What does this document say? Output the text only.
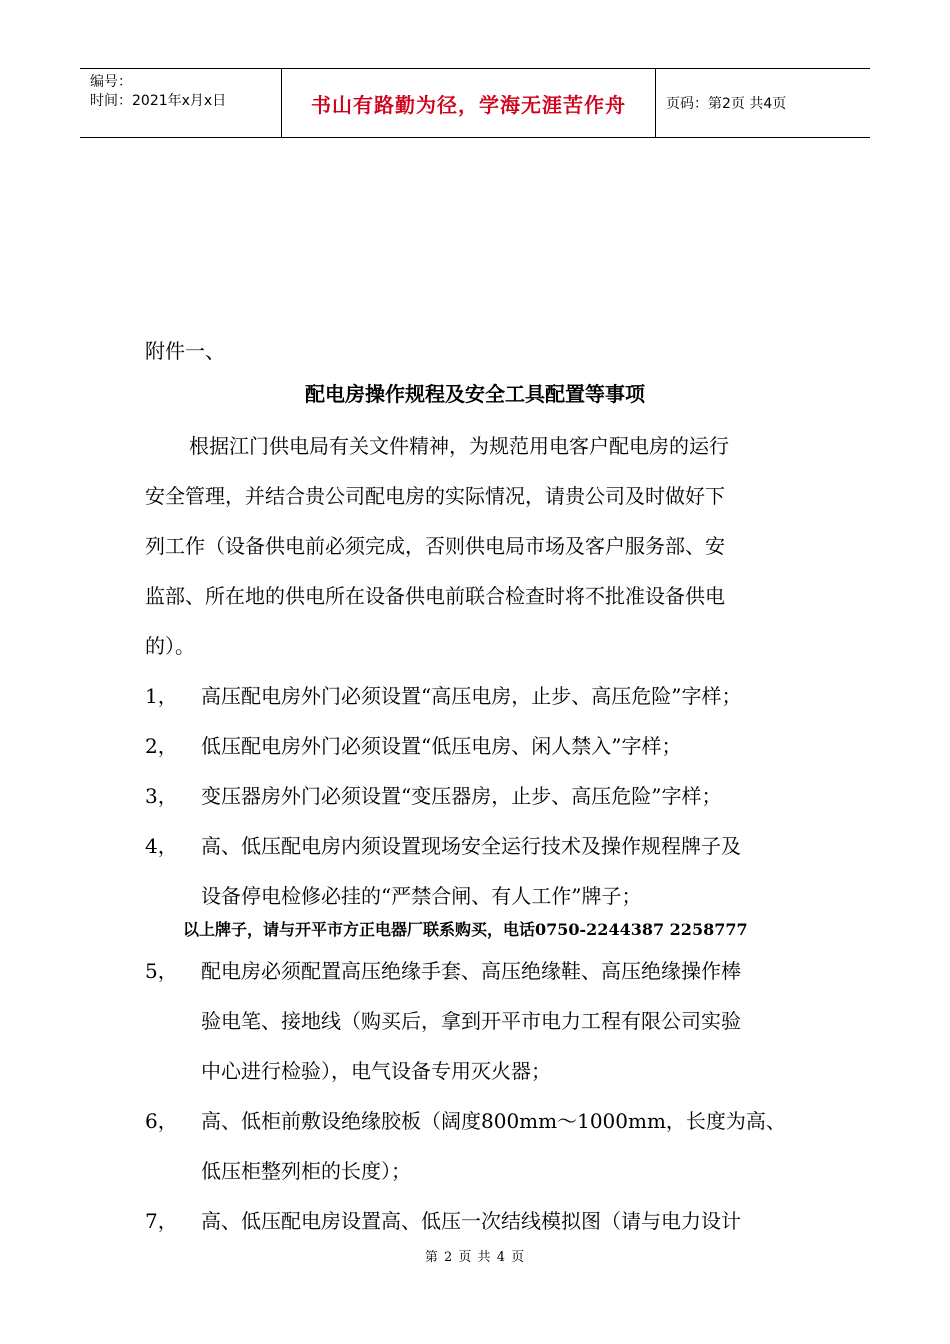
编号：
时间：2021年x月x日	书山有路勤为径，学海无涯苦作舟	页码：第2页 共4页
附件一、
配电房操作规程及安全工具配置等事项
根据江门供电局有关文件精神，为规范用电客户配电房的运行
安全管理，并结合贵公司配电房的实际情况，请贵公司及时做好下
列工作（设备供电前必须完成，否则供电局市场及客户服务部、安
监部、所在地的供电所在设备供电前联合检查时将不批准设备供电
的）。
1， 高压配电房外门必须设置“高压电房，止步、高压危险”字样；
2， 低压配电房外门必须设置“低压电房、闲人禁入”字样；
3， 变压器房外门必须设置“变压器房，止步、高压危险”字样；
4， 高、低压配电房内须设置现场安全运行技术及操作规程牌子及
设备停电检修必挂的“严禁合闸、有人工作”牌子；
以上牌子，请与开平市方正电器厂联系购买，电话0750-2244387 2258777
5， 配电房必须配置高压绝缘手套、高压绝缘鞋、高压绝缘操作棒
验电笔、接地线（购买后，拿到开平市电力工程有限公司实验
中心进行检验），电气设备专用灭火器；
6， 高、低柜前敷设绝缘胶板（阔度800mm～1000mm，长度为高、
低压柜整列柜的长度）；
7， 高、低压配电房设置高、低压一次结线模拟图（请与电力设计
第 2 页 共 4 页
